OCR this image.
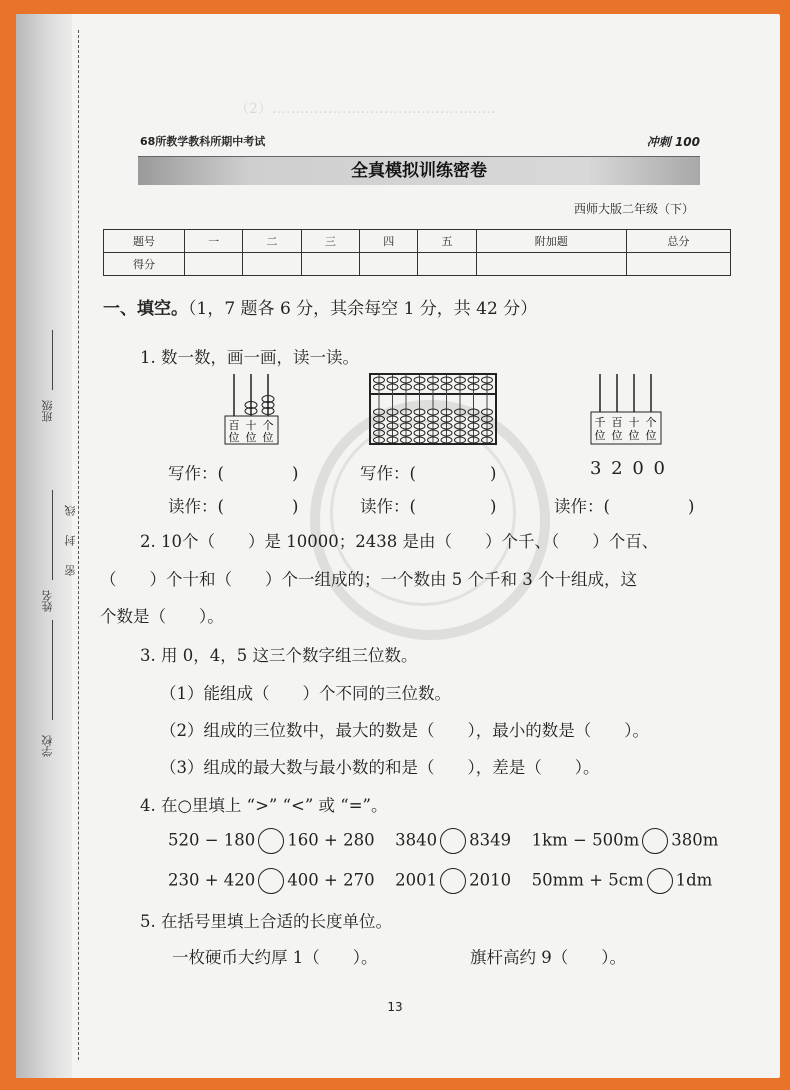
班级
姓名
学校
线
封
密
（2）…………………………………………
68所教学教科所期中考试	冲刺 100
全真模拟训练密卷
西师大版二年级（下）
题号	一	二	三	四	五	附加题	总分
得分							
一、填空。（1，7 题各 6 分，其余每空 1 分，共 42 分）
1. 数一数，画一画，读一读。
百 十 个
位 位 位
千 百 十 个
位 位 位 位
写作：(	)	写作：(	)	3 2 0 0
读作：(	)	读作：(	)	读作：(	)
2. 10个（　　）是 10000；2438 是由（　　）个千、（　　）个百、
（　　）个十和（　　）个一组成的；一个数由 5 个千和 3 个十组成，这
个数是（　　）。
3. 用 0，4，5 这三个数字组三位数。
（1）能组成（　　）个不同的三位数。
（2）组成的三位数中，最大的数是（　　），最小的数是（　　）。
（3）组成的最大数与最小数的和是（　　），差是（　　）。
4. 在○里填上 “>” “<” 或 “=”。
520 − 180 160 + 280 3840 8349 1km − 500m 380m
230 + 420 400 + 270 2001 2010 50mm + 5cm 1dm
5. 在括号里填上合适的长度单位。
一枚硬币大约厚 1（　　）。	旗杆高约 9（　　）。
13
